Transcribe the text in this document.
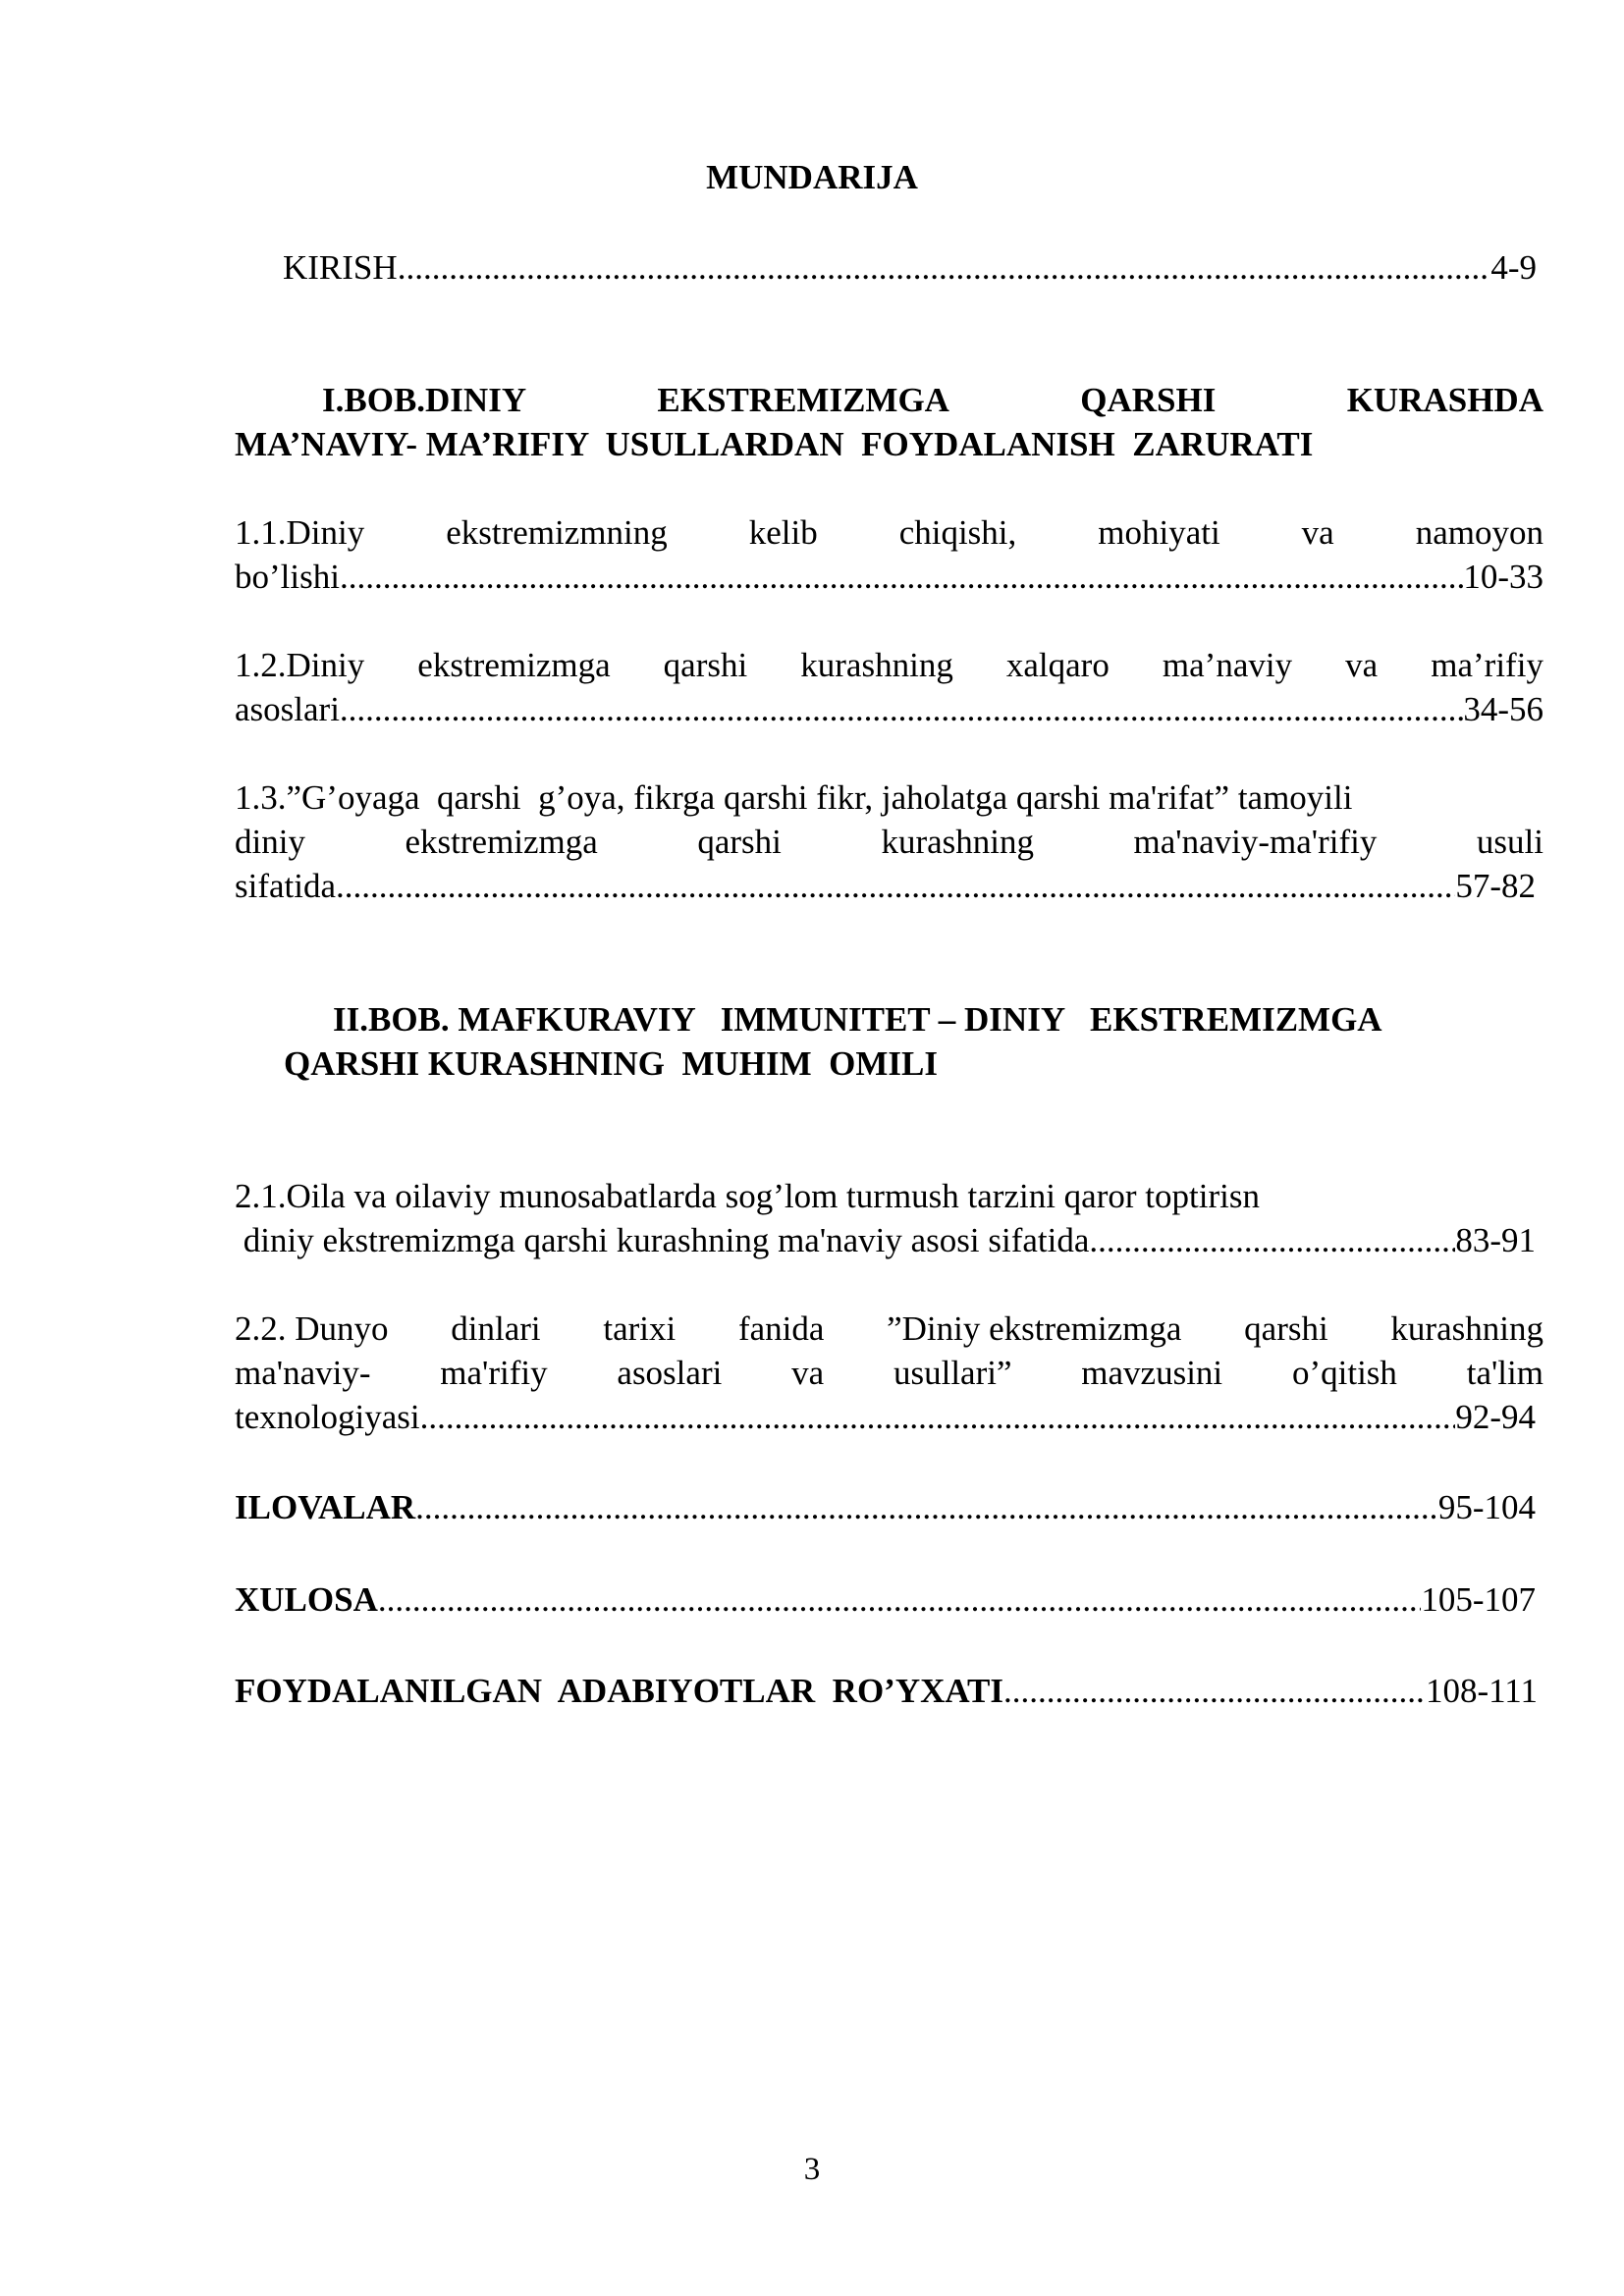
MUNDARIJA
KIRISH .....	4-9
I.BOB.DINIY	EKSTREMIZMGA	QARSHI	KURASHDA
MA’NAVIY- MA’RIFIY  USULLARDAN  FOYDALANISH  ZARURATI
1.1.Diniy ekstremizmning kelib chiqishi, mohiyati va namoyon
bo’lishi .....	10-33
1.2.Diniy ekstremizmga qarshi kurashning xalqaro ma’naviy va ma’rifiy
asoslari .....	34-56
1.3.”G’oyaga  qarshi  g’oya, fikrga qarshi fikr, jaholatga qarshi ma'rifat” tamoyili
diniy	ekstremizmga	qarshi	kurashning	ma'naviy-ma'rifiy	usuli
sifatida .....	57-82
II.BOB. MAFKURAVIY   IMMUNITET – DINIY   EKSTREMIZMGA
QARSHI KURASHNING  MUHIM  OMILI
2.1.Oila va oilaviy munosabatlarda sog’lom turmush tarzini qaror toptirisn
diniy ekstremizmga qarshi kurashning ma'naviy asosi sifatida .....	83-91
2.2. Dunyo dinlari tarixi fanida ”Diniy ekstremizmga qarshi kurashning
ma'naviy- ma'rifiy asoslari va usullari” mavzusini o’qitish ta'lim
texnologiyasi .....	92-94
ILOVALAR .....	95-104
XULOSA .....	105-107
FOYDALANILGAN  ADABIYOTLAR  RO’YXATI .....	108-111
3
